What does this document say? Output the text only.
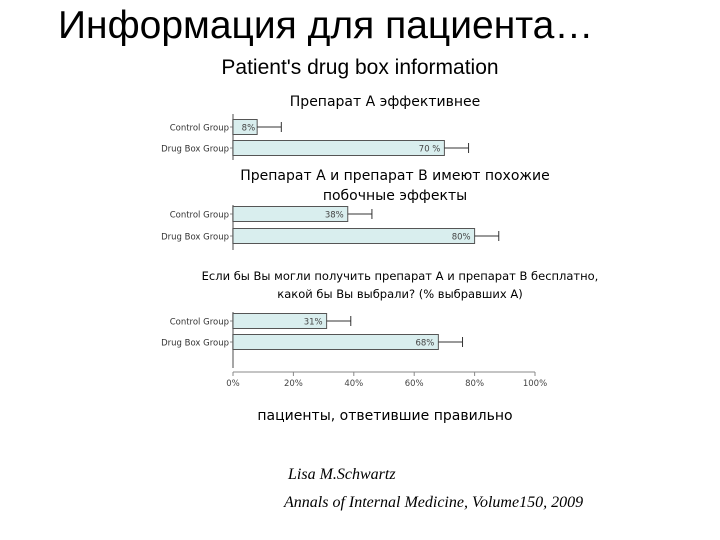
Информация для пациента…
Patient's drug box information
Препарат А эффективнее
Препарат А и препарат В имеют похожие побочные эффекты
Если бы Вы могли получить препарат А и препарат В бесплатно, какой бы Вы выбрали? (% выбравших А)
Control Group 8%
Drug Box Group	70 %
Control Group	38%
Drug Box Group	80%
Control Group	31%
Drug Box Group	68%
0%	20%	40%	60%	80%	100%
пациенты, ответившие правильно
Lisa M.Schwartz
Annals of Internal Medicine, Volume150, 2009
